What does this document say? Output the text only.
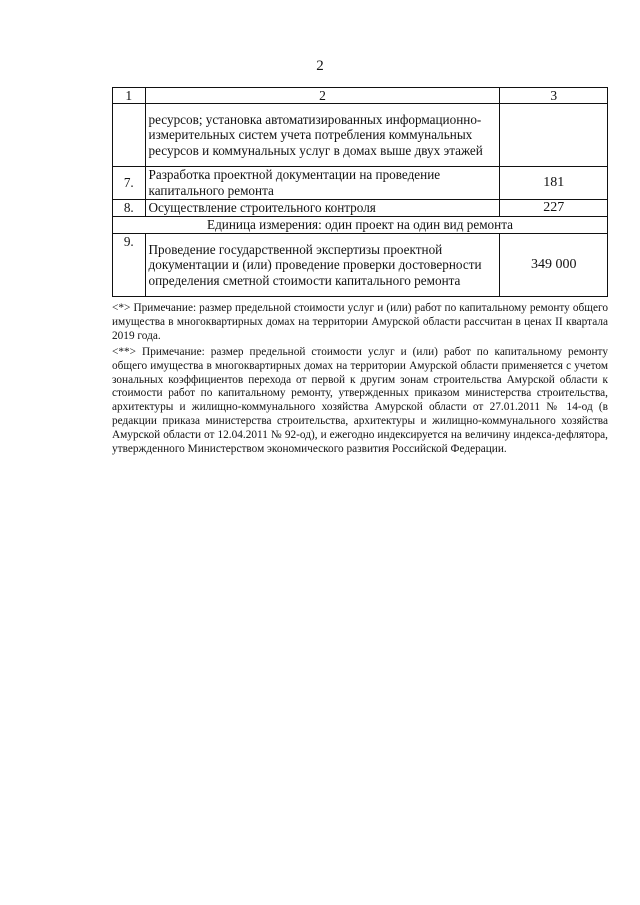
2
1	2	3
	ресурсов; установка автоматизированных информационно-измерительных систем учета потребления коммунальных ресурсов и коммунальных услуг в домах выше двух этажей	
7.	Разработка проектной документации на проведение капитального ремонта	181
8.	Осуществление строительного контроля	227
Единица измерения: один проект на один вид ремонта		
9.	Проведение государственной экспертизы проектной документации и (или) проведение проверки достоверности определения сметной стоимости капитального ремонта	349 000

<*> Примечание: размер предельной стоимости услуг и (или) работ по капитальному ремонту общего имущества в многоквартирных домах на территории Амурской области рассчитан в ценах II квартала 2019 года.

<**> Примечание: размер предельной стоимости услуг и (или) работ по капитальному ремонту общего имущества в многоквартирных домах на территории Амурской области применяется с учетом зональных коэффициентов перехода от первой к другим зонам строительства Амурской области к стоимости работ по капитальному ремонту, утвержденных приказом министерства строительства, архитектуры и жилищно-коммунального хозяйства Амурской области от 27.01.2011 № 14-од (в редакции приказа министерства строительства, архитектуры и жилищно-коммунального хозяйства Амурской области от 12.04.2011 № 92-од), и ежегодно индексируется на величину индекса-дефлятора, утвержденного Министерством экономического развития Российской Федерации.
